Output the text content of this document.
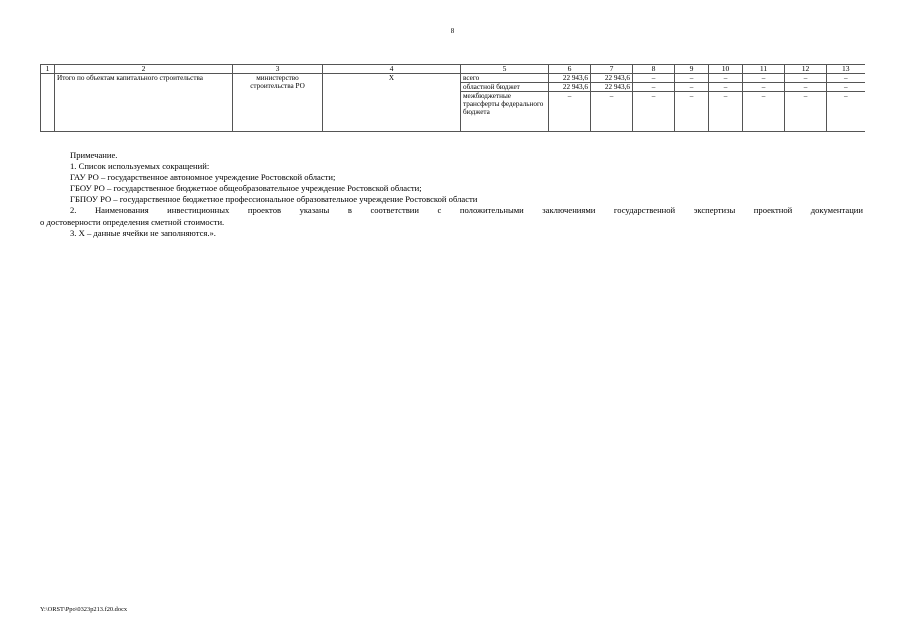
8
1	2	3	4	5	6	7	8	9	10	11	12	13
	Итого по объектам капитального строительства	министерство строительства РО	Х	всего	22 943,6	22 943,6	–	–	–	–	–	–
				областной бюджет	22 943,6	22 943,6	–	–	–	–	–	–
				межбюджетные трансферты федерального бюджета	–	–	–	–	–	–	–	–

Примечание.

1. Список используемых сокращений:

ГАУ РО – государственное автономное учреждение Ростовской области;

ГБОУ РО – государственное бюджетное общеобразовательное учреждение Ростовской области;

ГБПОУ РО – государственное бюджетное профессиональное образовательное учреждение Ростовской области

2. Наименования инвестиционных проектов указаны в соответствии с положительными заключениями государственной экспертизы проектной документации

о достоверности определения сметной стоимости.

3. Х – данные ячейки не заполняются.».

Y:\ORST\Ppo\0323p213.f20.docx
